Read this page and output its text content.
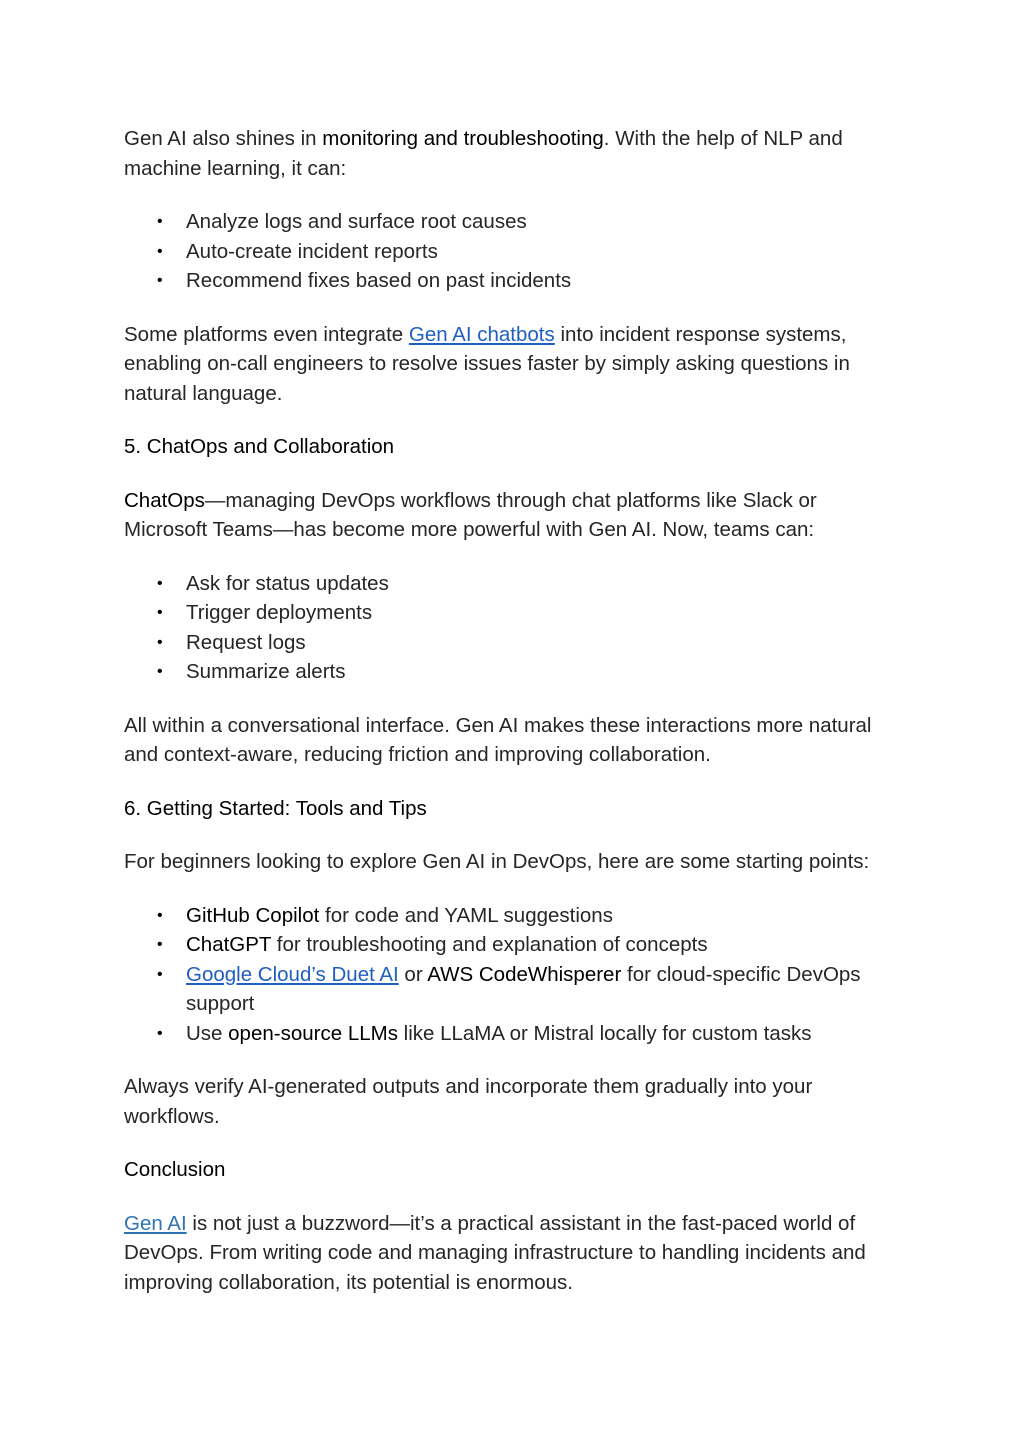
Gen AI also shines in monitoring and troubleshooting. With the help of NLP and machine learning, it can:

• Analyze logs and surface root causes
• Auto-create incident reports
• Recommend fixes based on past incidents

Some platforms even integrate Gen AI chatbots into incident response systems, enabling on-call engineers to resolve issues faster by simply asking questions in natural language.

5. ChatOps and Collaboration

ChatOps—managing DevOps workflows through chat platforms like Slack or Microsoft Teams—has become more powerful with Gen AI. Now, teams can:

• Ask for status updates
• Trigger deployments
• Request logs
• Summarize alerts

All within a conversational interface. Gen AI makes these interactions more natural and context-aware, reducing friction and improving collaboration.

6. Getting Started: Tools and Tips

For beginners looking to explore Gen AI in DevOps, here are some starting points:

• GitHub Copilot for code and YAML suggestions
• ChatGPT for troubleshooting and explanation of concepts
• Google Cloud’s Duet AI or AWS CodeWhisperer for cloud-specific DevOps support
• Use open-source LLMs like LLaMA or Mistral locally for custom tasks

Always verify AI-generated outputs and incorporate them gradually into your workflows.

Conclusion

Gen AI is not just a buzzword—it’s a practical assistant in the fast-paced world of DevOps. From writing code and managing infrastructure to handling incidents and improving collaboration, its potential is enormous.
